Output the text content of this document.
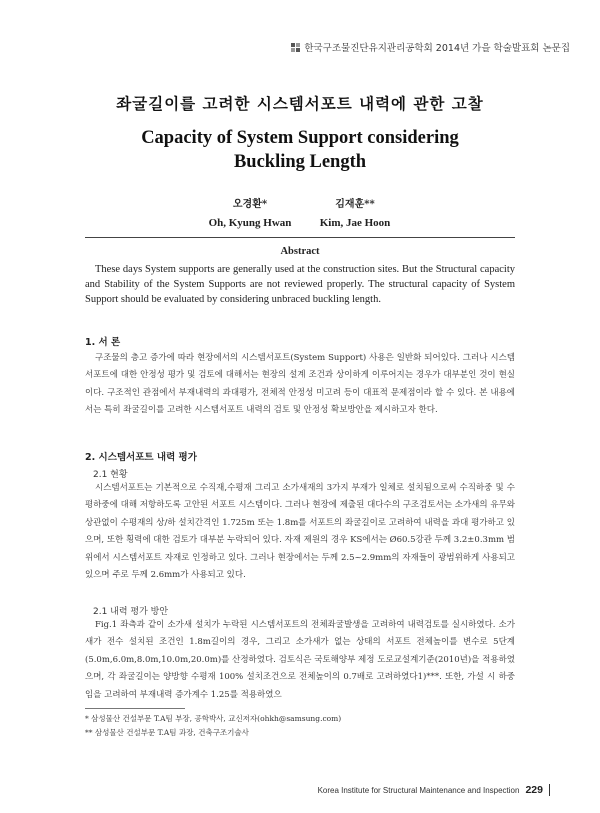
한국구조물진단유지관리공학회 2014년 가을 학술발표회 논문집
좌굴길이를 고려한 시스템서포트 내력에 관한 고찰
Capacity of System Support considering
Buckling Length
오경환*
Oh, Kyung Hwan
김재훈**
Kim, Jae Hoon
Abstract

These days System supports are generally used at the construction sites. But the Structural capacity and Stability of the System Supports are not reviewed properly. The structural capacity of System Support should be evaluated by considering unbraced buckling length.

1. 서 론

구조물의 층고 증가에 따라 현장에서의 시스템서포트(System Support) 사용은 일반화 되어있다. 그러나 시스템서포트에 대한 안정성 평가 및 검토에 대해서는 현장의 설계 조건과 상이하게 이루어지는 경우가 대부분인 것이 현실이다. 구조적인 관점에서 부재내력의 과대평가, 전체적 안정성 미고려 등이 대표적 문제점이라 할 수 있다. 본 내용에서는 특히 좌굴길이를 고려한 시스템서포트 내력의 검토 및 안정성 확보방안을 제시하고자 한다.

2. 시스템서포트 내력 평가
2.1 현황

시스템서포트는 기본적으로 수직재,수평재 그리고 소가새재의 3가지 부재가 일체로 설치됨으로써 수직하중 및 수평하중에 대해 저항하도록 고안된 서포트 시스템이다. 그러나 현장에 제출된 대다수의 구조검토서는 소가새의 유무와 상관없이 수평재의 상/하 설치간격인 1.725m 또는 1.8m를 서포트의 좌굴길이로 고려하여 내력을 과대 평가하고 있으며, 또한 횡력에 대한 검토가 대부분 누락되어 있다. 자재 제원의 경우 KS에서는 Ø60.5강관 두께 3.2±0.3mm 범위에서 시스템서포트 자재로 인정하고 있다. 그러나 현장에서는 두께 2.5~2.9mm의 자재들이 광범위하게 사용되고 있으며 주로 두께 2.6mm가 사용되고 있다.

2.1 내력 평가 방안

Fig.1 좌측과 같이 소가새 설치가 누락된 시스템서포트의 전체좌굴발생을 고려하여 내력검토를 실시하였다. 소가새가 전수 설치된 조건인 1.8m길이의 경우, 그리고 소가새가 없는 상태의 서포트 전체높이를 변수로 5단계(5.0m,6.0m,8.0m,10.0m,20.0m)를 산정하였다. 검토식은 국토해양부 제정 도로교설계기준(2010년)을 적용하였으며, 각 좌굴길이는 양방향 수평재 100% 설치조건으로 전체높이의 0.7배로 고려하였다1)***. 또한, 가설 시 하중임을 고려하여 부재내력 증가계수 1.25를 적용하였으

* 삼성물산 건설부문 T.A팀 부장, 공학박사, 교신저자(ohkh@samsung.com)
** 삼성물산 건설부문 T.A팀 과장, 건축구조기술사
Korea Institute for Structural Maintenance and Inspection 229
